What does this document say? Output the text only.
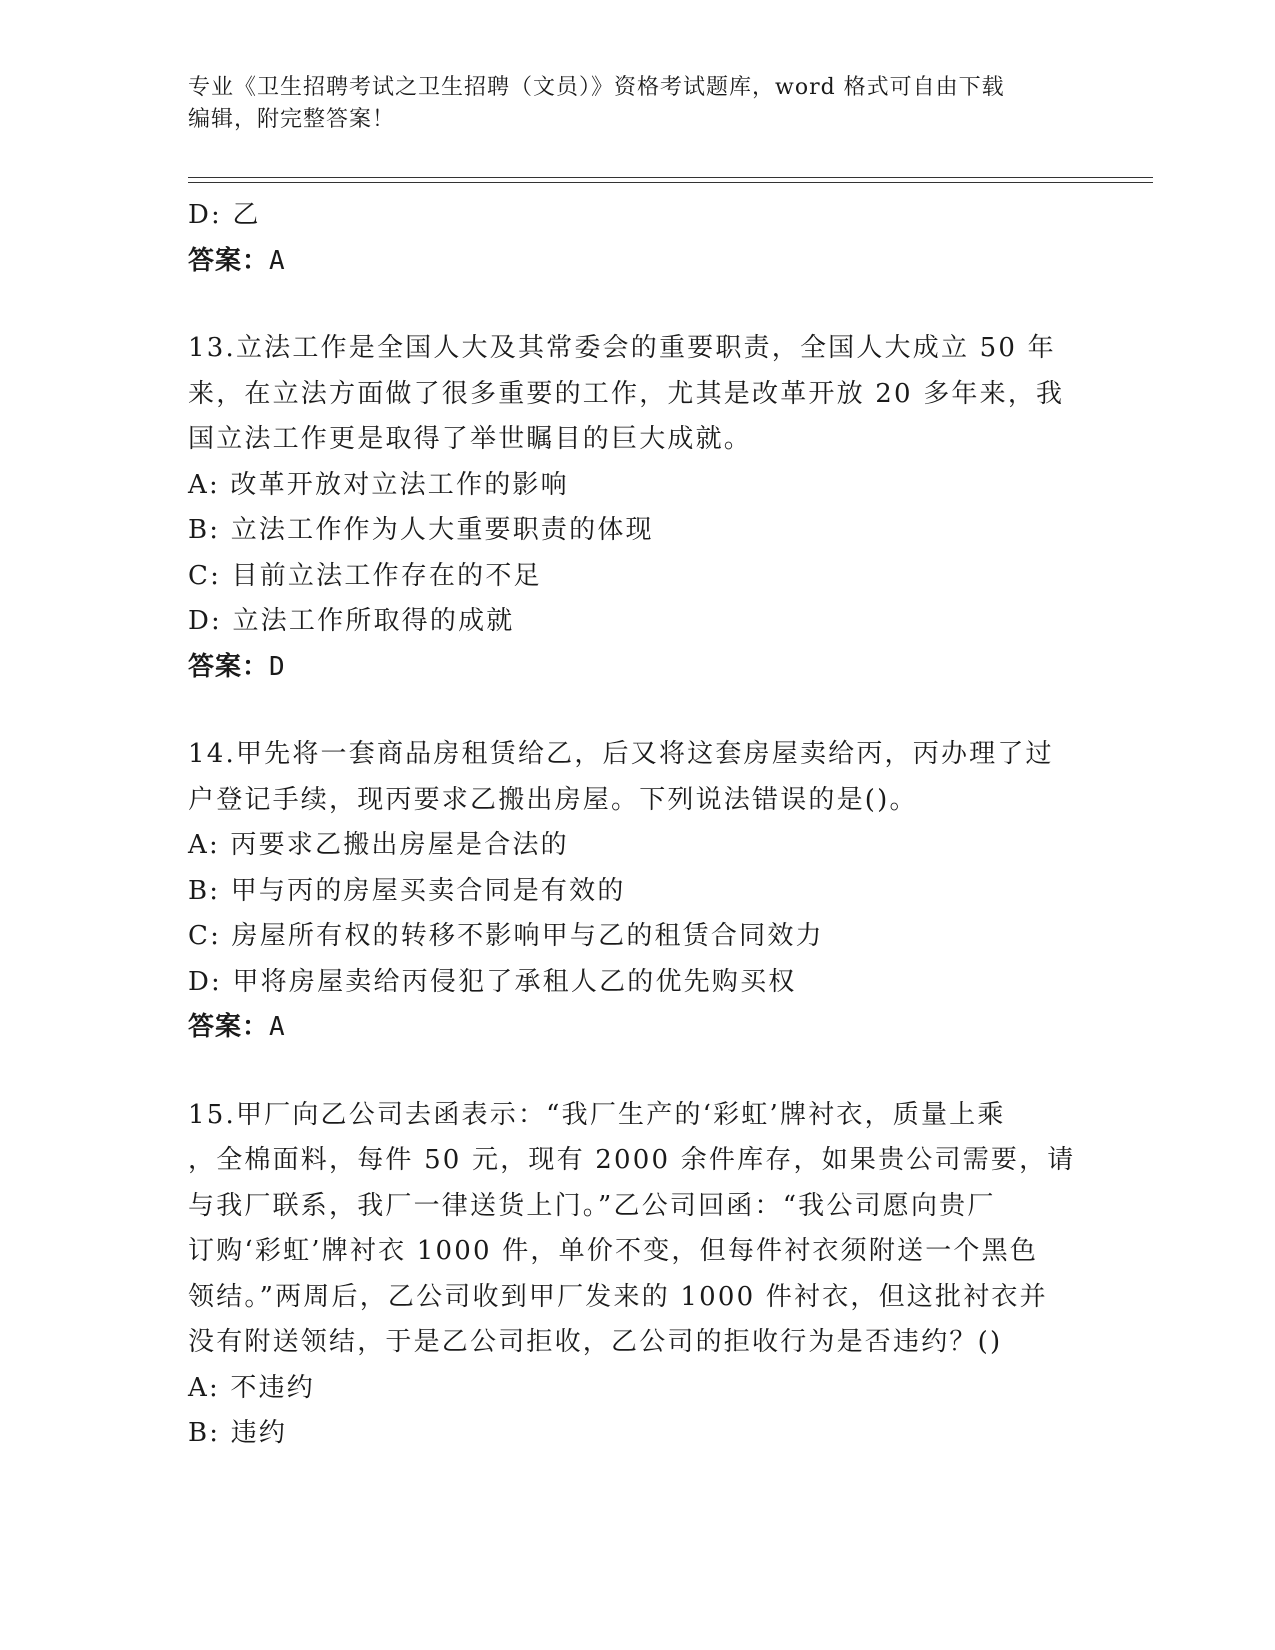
专业《卫生招聘考试之卫生招聘（文员）》资格考试题库，word 格式可自由下载
编辑，附完整答案！
D: 乙
答案：A
13.立法工作是全国人大及其常委会的重要职责，全国人大成立 50 年
来，在立法方面做了很多重要的工作，尤其是改革开放 20 多年来，我
国立法工作更是取得了举世瞩目的巨大成就。
A: 改革开放对立法工作的影响
B: 立法工作作为人大重要职责的体现
C: 目前立法工作存在的不足
D: 立法工作所取得的成就
答案：D
14.甲先将一套商品房租赁给乙，后又将这套房屋卖给丙，丙办理了过
户登记手续，现丙要求乙搬出房屋。下列说法错误的是()。
A: 丙要求乙搬出房屋是合法的
B: 甲与丙的房屋买卖合同是有效的
C: 房屋所有权的转移不影响甲与乙的租赁合同效力
D: 甲将房屋卖给丙侵犯了承租人乙的优先购买权
答案：A
15.甲厂向乙公司去函表示：“我厂生产的‘彩虹’牌衬衣，质量上乘
，全棉面料，每件 50 元，现有 2000 余件库存，如果贵公司需要，请
与我厂联系，我厂一律送货上门。”乙公司回函：“我公司愿向贵厂
订购‘彩虹’牌衬衣 1000 件，单价不变，但每件衬衣须附送一个黑色
领结。”两周后，乙公司收到甲厂发来的 1000 件衬衣，但这批衬衣并
没有附送领结，于是乙公司拒收，乙公司的拒收行为是否违约？()
A: 不违约
B: 违约
